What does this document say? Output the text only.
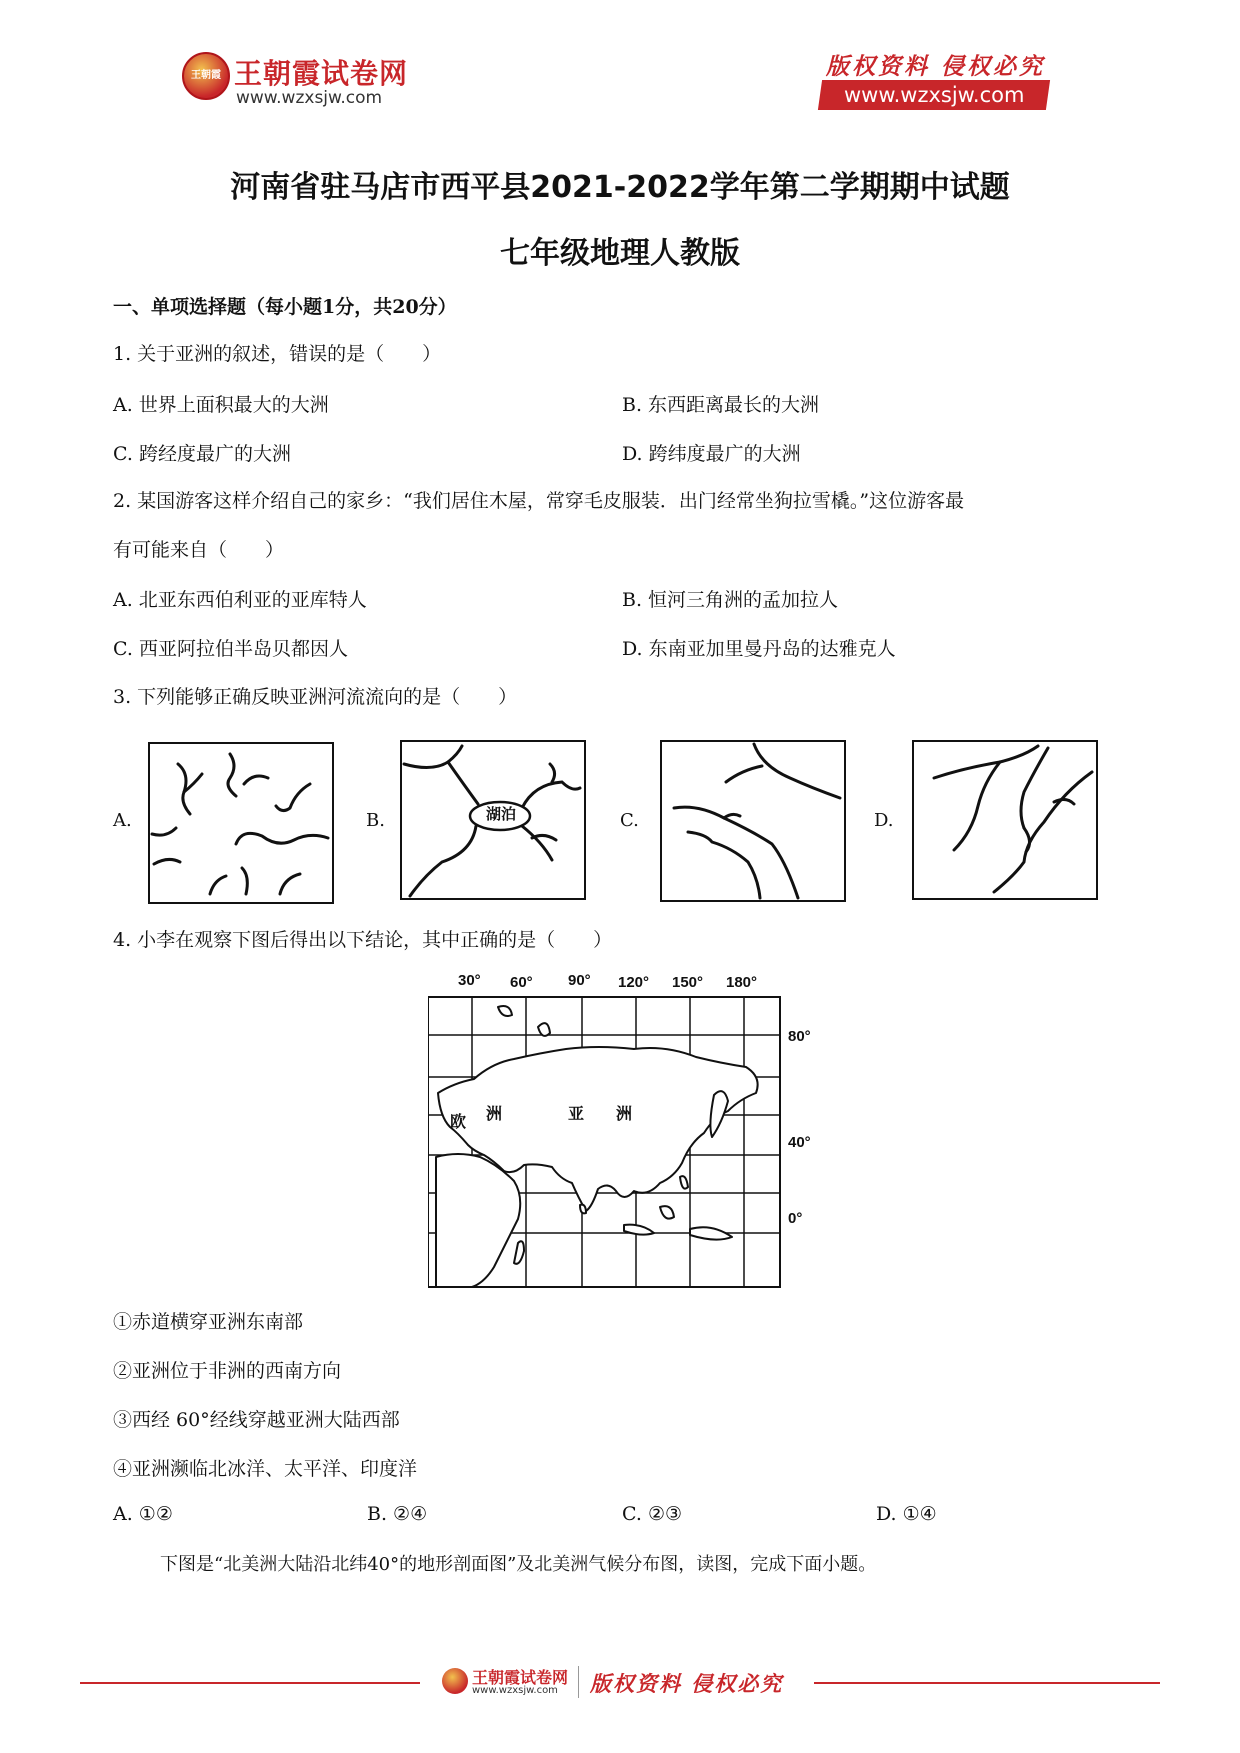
王朝霞 王朝霞试卷网
www.wzxsjw.com
版权资料 侵权必究
www.wzxsjw.com
河南省驻马店市西平县2021-2022学年第二学期期中试题
七年级地理人教版
一、单项选择题（每小题1分，共20分）
1. 关于亚洲的叙述，错误的是（　　）
A. 世界上面积最大的大洲	B. 东西距离最长的大洲
C. 跨经度最广的大洲	D. 跨纬度最广的大洲
2. 某国游客这样介绍自己的家乡：“我们居住木屋，常穿毛皮服装．出门经常坐狗拉雪橇。”这位游客最
有可能来自（　　）
A. 北亚东西伯利亚的亚库特人	B. 恒河三角洲的孟加拉人
C. 西亚阿拉伯半岛贝都因人	D. 东南亚加里曼丹岛的达雅克人
3. 下列能够正确反映亚洲河流流向的是（　　）
A.	B.	湖泊	C.	D.
4. 小李在观察下图后得出以下结论，其中正确的是（　　）
30° 60° 90° 120° 150° 180°
80°
40°
0°
欧 洲	亚 洲
①赤道横穿亚洲东南部
②亚洲位于非洲的西南方向
③西经 60°经线穿越亚洲大陆西部
④亚洲濒临北冰洋、太平洋、印度洋
A. ①②	B. ②④	C. ②③	D. ①④
下图是“北美洲大陆沿北纬40°的地形剖面图”及北美洲气候分布图，读图，完成下面小题。
王朝霞试卷网
www.wzxsjw.com 版权资料 侵权必究
